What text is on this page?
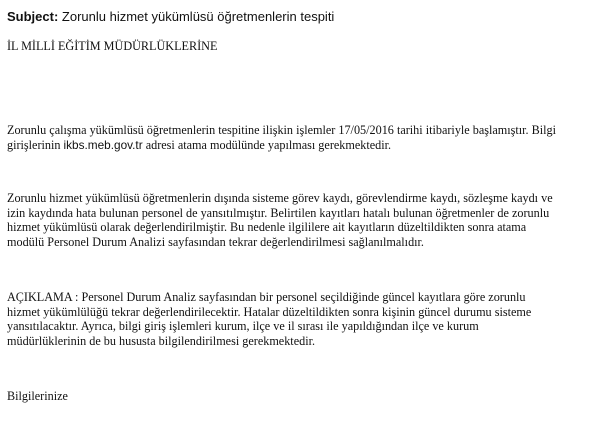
Subject: Zorunlu hizmet yükümlüsü öğretmenlerin tespiti
İL MİLLİ EĞİTİM MÜDÜRLÜKLERİNE
Zorunlu çalışma yükümlüsü öğretmenlerin tespitine ilişkin işlemler 17/05/2016 tarihi itibariyle başlamıştır. Bilgi
girişlerinin ikbs.meb.gov.tr adresi atama modülünde yapılması gerekmektedir.
Zorunlu hizmet yükümlüsü öğretmenlerin dışında sisteme görev kaydı, görevlendirme kaydı, sözleşme kaydı ve
izin kaydında hata bulunan personel de yansıtılmıştır. Belirtilen kayıtları hatalı bulunan öğretmenler de zorunlu
hizmet yükümlüsü olarak değerlendirilmiştir. Bu nedenle ilgililere ait kayıtların düzeltildikten sonra atama
modülü Personel Durum Analizi sayfasından tekrar değerlendirilmesi sağlanılmalıdır.
AÇIKLAMA : Personel Durum Analiz sayfasından bir personel seçildiğinde güncel kayıtlara göre zorunlu
hizmet yükümlülüğü tekrar değerlendirilecektir. Hatalar düzeltildikten sonra kişinin güncel durumu sisteme
yansıtılacaktır. Ayrıca, bilgi giriş işlemleri kurum, ilçe ve il sırası ile yapıldığından ilçe ve kurum
müdürlüklerinin de bu hususta bilgilendirilmesi gerekmektedir.
Bilgilerinize
